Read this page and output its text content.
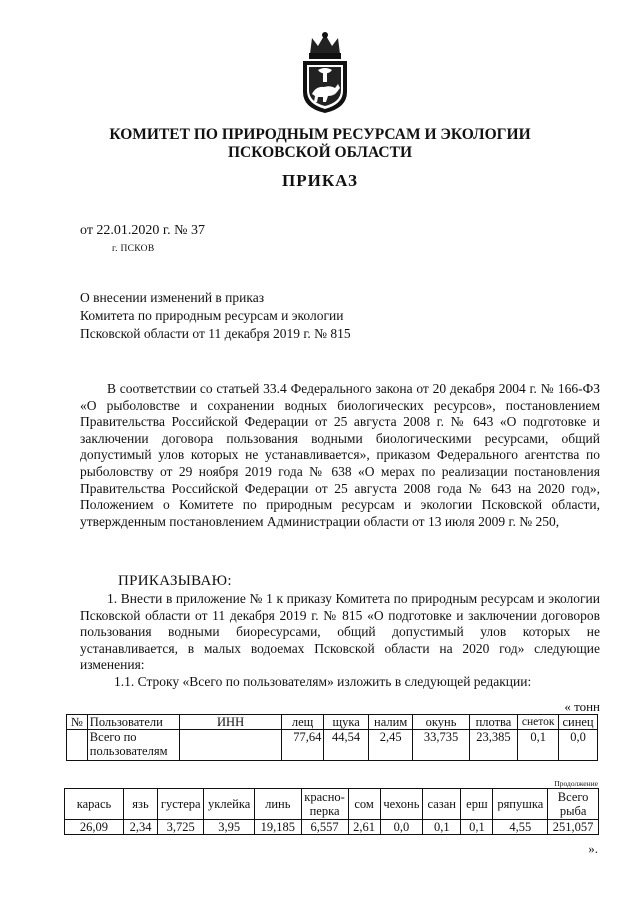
КОМИТЕТ ПО ПРИРОДНЫМ РЕСУРСАМ И ЭКОЛОГИИ
ПСКОВСКОЙ ОБЛАСТИ
ПРИКАЗ
от 22.01.2020 г. № 37
г. ПСКОВ
О внесении изменений в приказ
Комитета по природным ресурсам и экологии
Псковской области от 11 декабря 2019 г. № 815

В соответствии со статьей 33.4 Федерального закона от 20 декабря 2004 г. № 166-ФЗ «О рыболовстве и сохранении водных биологических ресурсов», постановлением Правительства Российской Федерации от 25 августа 2008 г. № 643 «О подготовке и заключении договора пользования водными биологическими ресурсами, общий допустимый улов которых не устанавливается», приказом Федерального агентства по рыболовству от 29 ноября 2019 года № 638 «О мерах по реализации постановления Правительства Российской Федерации от 25 августа 2008 года № 643 на 2020 год», Положением о Комитете по природным ресурсам и экологии Псковской области, утвержденным постановлением Администрации области от 13 июля 2009 г. № 250,

ПРИКАЗЫВАЮ:

1. Внести в приложение № 1 к приказу Комитета по природным ресурсам и экологии Псковской области от 11 декабря 2019 г. № 815 «О подготовке и заключении договоров пользования водными биоресурсами, общий допустимый улов которых не устанавливается, в малых водоемах Псковской области на 2020 год» следующие изменения:

1.1. Строку «Всего по пользователям» изложить в следующей редакции:

« тонн
№	Пользователи	ИНН	лещ	щука	налим	окунь	плотва	снеток	синец
	Всего по пользователям		77,64	44,54	2,45	33,735	23,385	0,1	0,0
Продолжение
карась	язь	густера	уклейка	линь	красно-перка	сом	чехонь	сазан	ерш	ряпушка	Всего рыба
26,09	2,34	3,725	3,95	19,185	6,557	2,61	0,0	0,1	0,1	4,55	251,057
».
